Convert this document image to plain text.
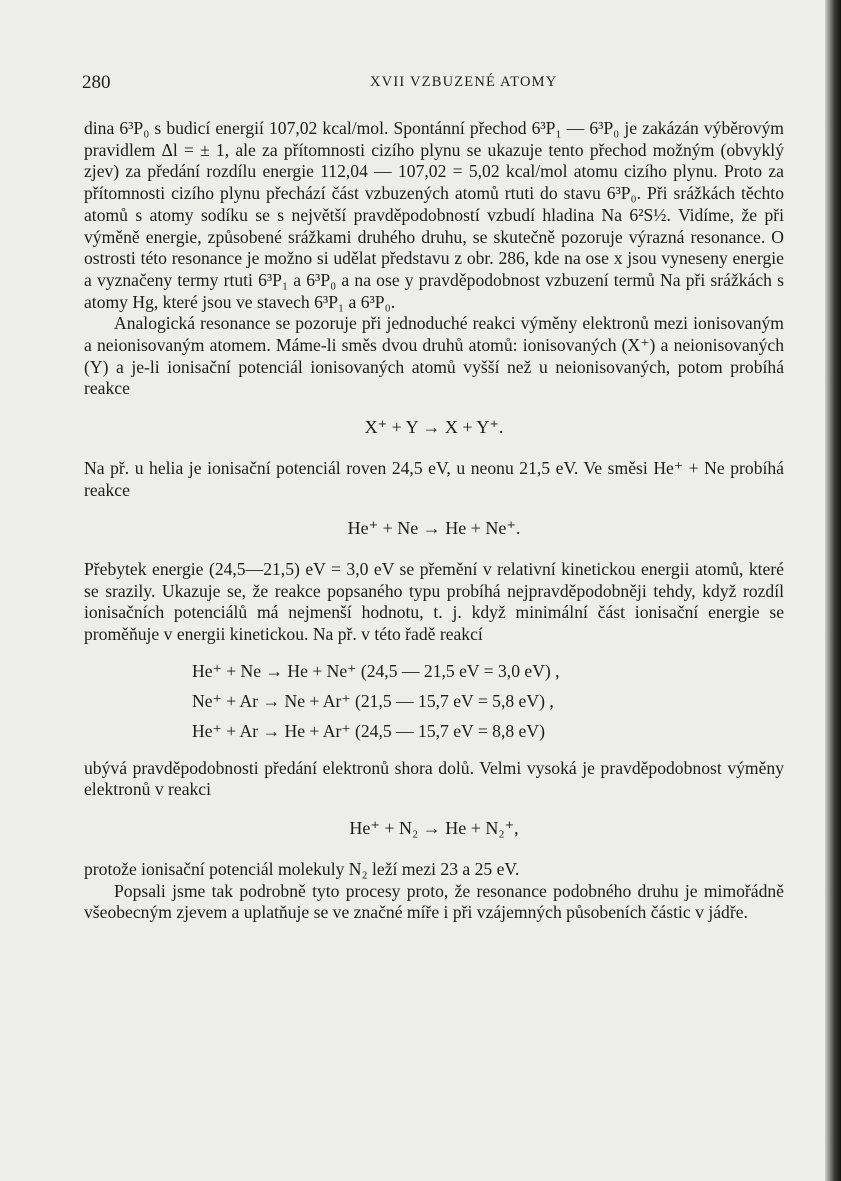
280	XVII VZBUZENÉ ATOMY

dina 6³P₀ s budicí energií 107,02 kcal/mol. Spontánní přechod 6³P₁ — 6³P₀ je zakázán výběrovým pravidlem Δl = ± 1, ale za přítomnosti cizího plynu se ukazuje tento přechod možným (obvyklý zjev) za předání rozdílu energie 112,04 — 107,02 = 5,02 kcal/mol atomu cizího plynu. Proto za přítomnosti cizího plynu přechází část vzbuzených atomů rtuti do stavu 6³P₀. Při srážkách těchto atomů s atomy sodíku se s největší pravděpodobností vzbudí hladina Na 6²S½. Vidíme, že při výměně energie, způsobené srážkami druhého druhu, se skutečně pozoruje výrazná resonance. O ostrosti této resonance je možno si udělat představu z obr. 286, kde na ose x jsou vyneseny energie a vyznačeny termy rtuti 6³P₁ a 6³P₀ a na ose y pravděpodobnost vzbuzení termů Na při srážkách s atomy Hg, které jsou ve stavech 6³P₁ a 6³P₀.

Analogická resonance se pozoruje při jednoduché reakci výměny elektronů mezi ionisovaným a neionisovaným atomem. Máme-li směs dvou druhů atomů: ionisovaných (X⁺) a neionisovaných (Y) a je-li ionisační potenciál ionisovaných atomů vyšší než u neionisovaných, potom probíhá reakce

X⁺ + Y → X + Y⁺.

Na př. u helia je ionisační potenciál roven 24,5 eV, u neonu 21,5 eV. Ve směsi He⁺ + Ne probíhá reakce

He⁺ + Ne → He + Ne⁺.

Přebytek energie (24,5—21,5) eV = 3,0 eV se přemění v relativní kinetickou energii atomů, které se srazily. Ukazuje se, že reakce popsaného typu probíhá nejpravděpodobněji tehdy, když rozdíl ionisačních potenciálů má nejmenší hodnotu, t. j. když minimální část ionisační energie se proměňuje v energii kinetickou. Na př. v této řadě reakcí

He⁺ + Ne → He + Ne⁺ (24,5 — 21,5 eV = 3,0 eV) ,
Ne⁺ + Ar → Ne + Ar⁺ (21,5 — 15,7 eV = 5,8 eV) ,
He⁺ + Ar → He + Ar⁺ (24,5 — 15,7 eV = 8,8 eV)

ubývá pravděpodobnosti předání elektronů shora dolů. Velmi vysoká je pravděpodobnost výměny elektronů v reakci

He⁺ + N₂ → He + N₂⁺,

protože ionisační potenciál molekuly N₂ leží mezi 23 a 25 eV.

Popsali jsme tak podrobně tyto procesy proto, že resonance podobného druhu je mimořádně všeobecným zjevem a uplatňuje se ve značné míře i při vzájemných působeních částic v jádře.
